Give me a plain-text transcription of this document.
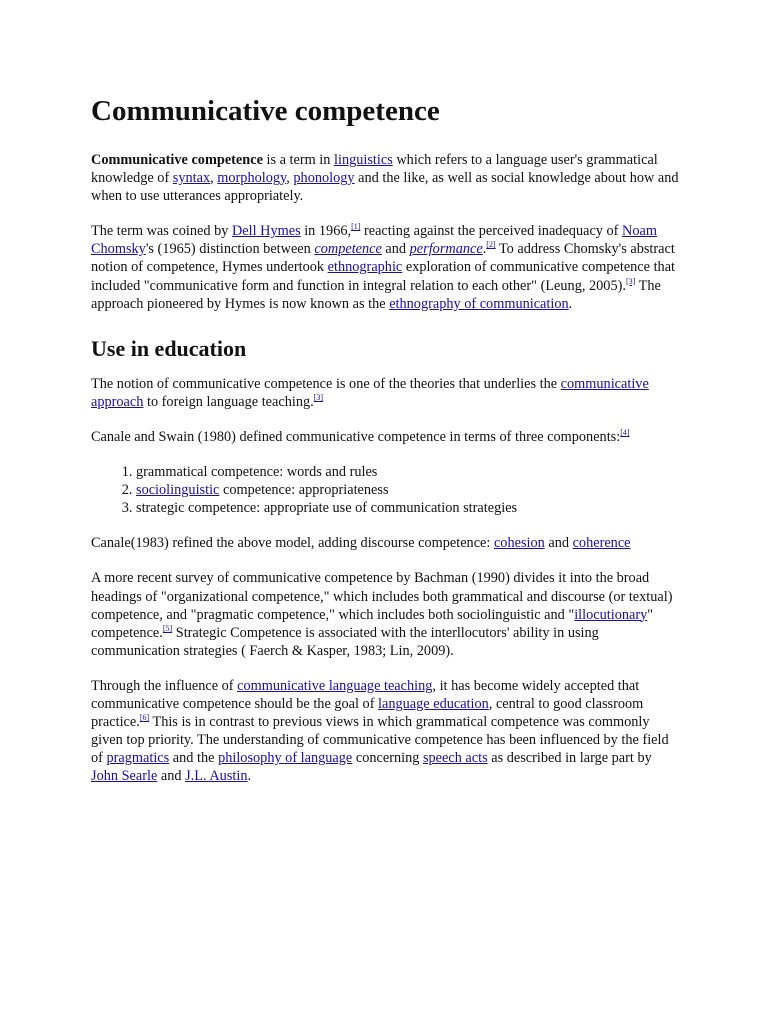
Communicative competence

Communicative competence is a term in linguistics which refers to a language user's grammatical knowledge of syntax, morphology, phonology and the like, as well as social knowledge about how and when to use utterances appropriately.

The term was coined by Dell Hymes in 1966,[1] reacting against the perceived inadequacy of Noam Chomsky's (1965) distinction between competence and performance.[2] To address Chomsky's abstract notion of competence, Hymes undertook ethnographic exploration of communicative competence that included "communicative form and function in integral relation to each other" (Leung, 2005).[3] The approach pioneered by Hymes is now known as the ethnography of communication.

Use in education

The notion of communicative competence is one of the theories that underlies the communicative approach to foreign language teaching.[3]

Canale and Swain (1980) defined communicative competence in terms of three components:[4]

1. grammatical competence: words and rules
2. sociolinguistic competence: appropriateness
3. strategic competence: appropriate use of communication strategies

Canale(1983) refined the above model, adding discourse competence: cohesion and coherence

A more recent survey of communicative competence by Bachman (1990) divides it into the broad headings of "organizational competence," which includes both grammatical and discourse (or textual) competence, and "pragmatic competence," which includes both sociolinguistic and "illocutionary" competence.[5] Strategic Competence is associated with the interllocutors' ability in using communication strategies ( Faerch & Kasper, 1983; Lin, 2009).

Through the influence of communicative language teaching, it has become widely accepted that communicative competence should be the goal of language education, central to good classroom practice.[6] This is in contrast to previous views in which grammatical competence was commonly given top priority. The understanding of communicative competence has been influenced by the field of pragmatics and the philosophy of language concerning speech acts as described in large part by John Searle and J.L. Austin.
